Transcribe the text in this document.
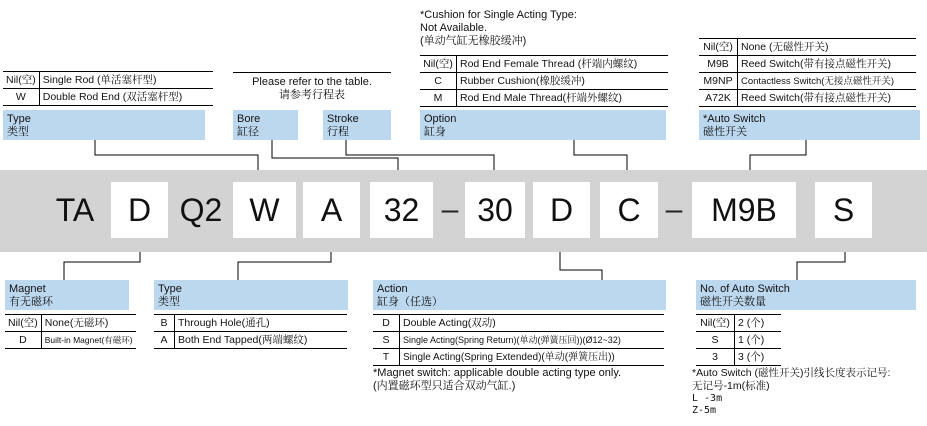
Nil(空)	Single Rod (单活塞杆型)
W	Double Rod End (双活塞杆型)
Type
类型
Please refer to the table.
请参考行程表
Bore
缸径
Stroke
行程
*Cushion for Single Acting Type:
Not Available.
(单动气缸无橡胶缓冲)
Nil(空)	Rod End Female Thread (杆端内螺纹)
C	Rubber Cushion(橡胶缓冲)
M	Rod End Male Thread(杆端外螺纹)
Option
缸身
Nil(空)	None (无磁性开关)
M9B	Reed Switch(带有接点磁性开关)
M9NP	Contactless Switch(无接点磁性开关)
A72K	Reed Switch(带有接点磁性开关)
*Auto Switch
磁性开关
TA	D Q2 W	A	32 – 30	D	C – M9B	S
Magnet
有无磁环
Nil(空)	None(无磁环)
D	Built-in Magnet(有磁环)
Type
类型
B	Through Hole(通孔)
A	Both End Tapped(两端螺纹)
Action
缸身（任选）
D	Double Acting(双动)
S	Single Acting(Spring Return)(单动(弹簧压回))(Ø12~32)
T	Single Acting(Spring Extended)(单动(弹簧压出))
*Magnet switch: applicable double acting type only.
(内置磁环型只适合双动气缸.)
No. of Auto Switch
磁性开关数量
Nil(空)	2 (个)
S	1 (个)
3	3 (个)
*Auto Switch (磁性开关)引线长度表示记号:
无记号-1m(标准)
L -3m
Z-5m
